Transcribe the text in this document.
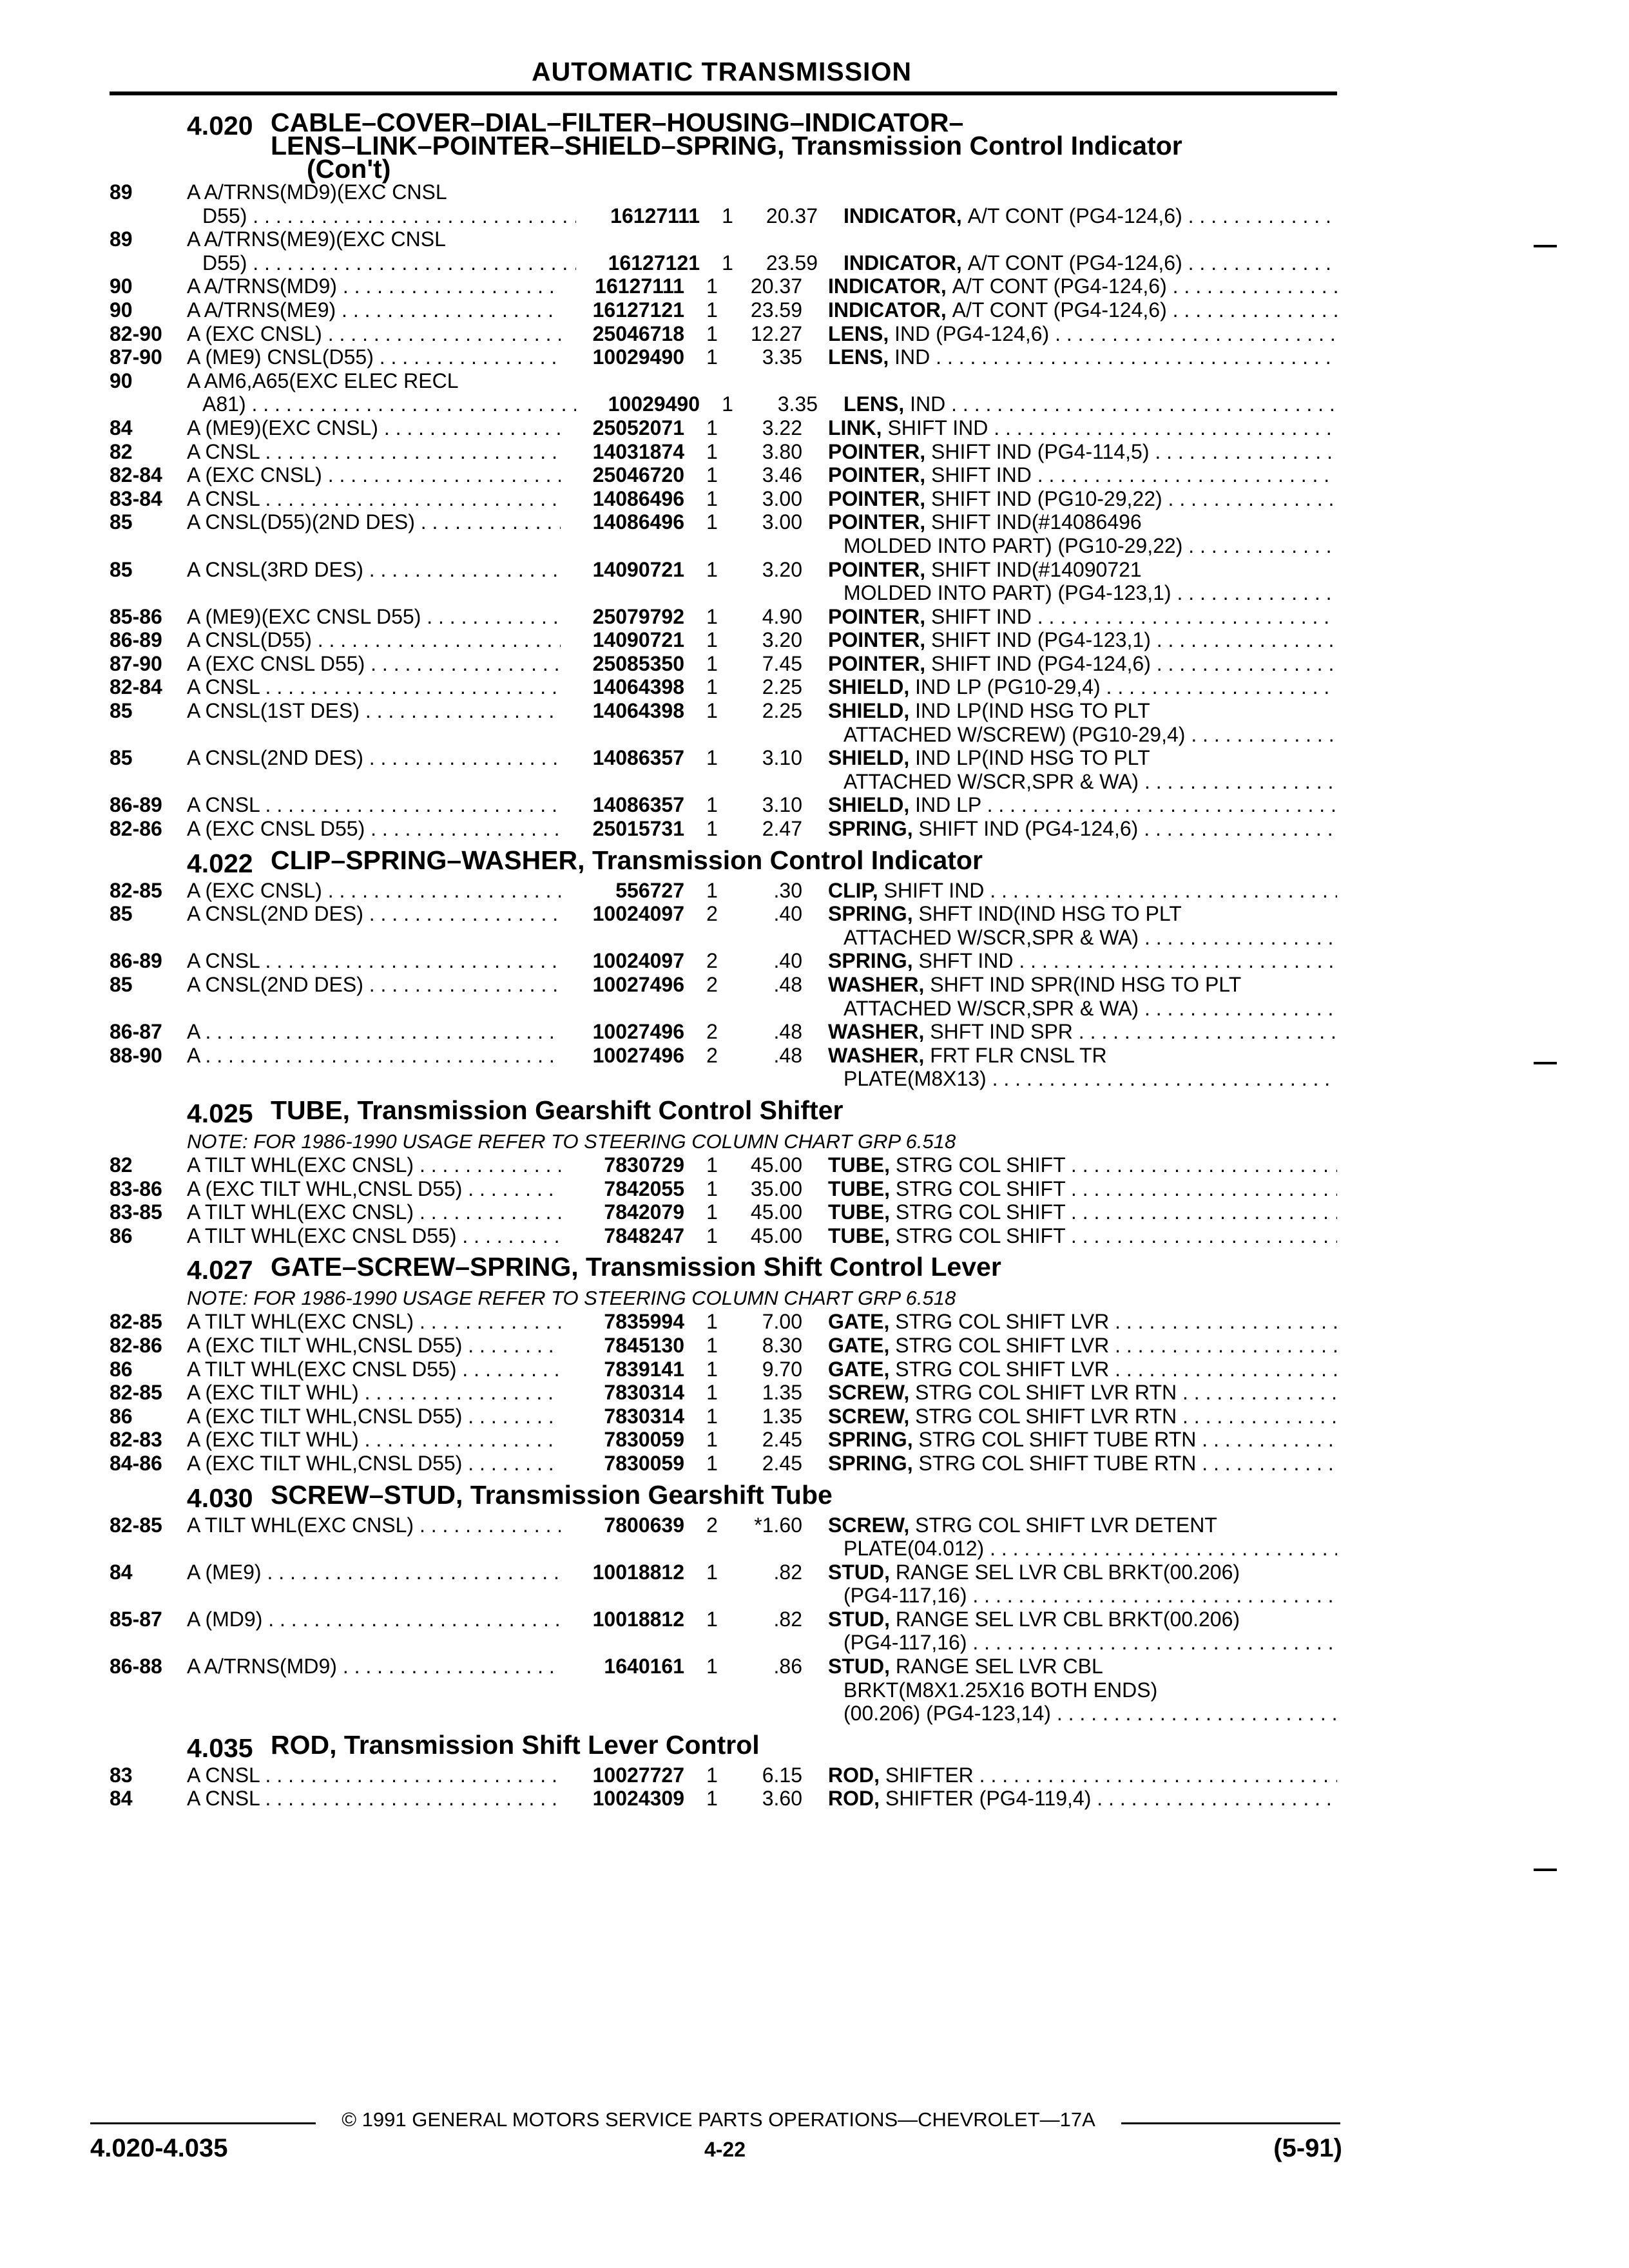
AUTOMATIC TRANSMISSION
4.020 CABLE–COVER–DIAL–FILTER–HOUSING–INDICATOR–
LENS–LINK–POINTER–SHIELD–SPRING, Transmission Control Indicator
(Con't)
89	A A/TRNS(MD9)(EXC CNSL
D55) . . .	16127111	1	20.37	INDICATOR, A/T CONT (PG4-124,6) . . .
89	A A/TRNS(ME9)(EXC CNSL
D55) . . .	16127121	1	23.59	INDICATOR, A/T CONT (PG4-124,6) . . .
90	A A/TRNS(MD9) . . .	16127111	1	20.37	INDICATOR, A/T CONT (PG4-124,6) . . .
90	A A/TRNS(ME9) . . .	16127121	1	23.59	INDICATOR, A/T CONT (PG4-124,6) . . .
82-90	A (EXC CNSL) . . .	25046718	1	12.27	LENS, IND (PG4-124,6) . . .
87-90	A (ME9) CNSL(D55) . . .	10029490	1	3.35	LENS, IND . . .
90	A AM6,A65(EXC ELEC RECL
A81) . . .	10029490	1	3.35	LENS, IND . . .
84	A (ME9)(EXC CNSL) . . .	25052071	1	3.22	LINK, SHIFT IND . . .
82	A CNSL . . .	14031874	1	3.80	POINTER, SHIFT IND (PG4-114,5) . . .
82-84	A (EXC CNSL) . . .	25046720	1	3.46	POINTER, SHIFT IND . . .
83-84	A CNSL . . .	14086496	1	3.00	POINTER, SHIFT IND (PG10-29,22) . . .
85	A CNSL(D55)(2ND DES) . . .	14086496	1	3.00	POINTER, SHIFT IND(#14086496
MOLDED INTO PART) (PG10-29,22) . . .
85	A CNSL(3RD DES) . . .	14090721	1	3.20	POINTER, SHIFT IND(#14090721
MOLDED INTO PART) (PG4-123,1) . . .
85-86	A (ME9)(EXC CNSL D55) . . .	25079792	1	4.90	POINTER, SHIFT IND . . .
86-89	A CNSL(D55) . . .	14090721	1	3.20	POINTER, SHIFT IND (PG4-123,1) . . .
87-90	A (EXC CNSL D55) . . .	25085350	1	7.45	POINTER, SHIFT IND (PG4-124,6) . . .
82-84	A CNSL . . .	14064398	1	2.25	SHIELD, IND LP (PG10-29,4) . . .
85	A CNSL(1ST DES) . . .	14064398	1	2.25	SHIELD, IND LP(IND HSG TO PLT
ATTACHED W/SCREW) (PG10-29,4) . . .
85	A CNSL(2ND DES) . . .	14086357	1	3.10	SHIELD, IND LP(IND HSG TO PLT
ATTACHED W/SCR,SPR & WA) . . .
86-89	A CNSL . . .	14086357	1	3.10	SHIELD, IND LP . . .
82-86	A (EXC CNSL D55) . . .	25015731	1	2.47	SPRING, SHIFT IND (PG4-124,6) . . .
4.022 CLIP–SPRING–WASHER, Transmission Control Indicator
82-85	A (EXC CNSL) . . .	556727	1	.30	CLIP, SHIFT IND . . .
85	A CNSL(2ND DES) . . .	10024097	2	.40	SPRING, SHFT IND(IND HSG TO PLT
ATTACHED W/SCR,SPR & WA) . . .
86-89	A CNSL . . .	10024097	2	.40	SPRING, SHFT IND . . .
85	A CNSL(2ND DES) . . .	10027496	2	.48	WASHER, SHFT IND SPR(IND HSG TO PLT
ATTACHED W/SCR,SPR & WA) . . .
86-87	A . . .	10027496	2	.48	WASHER, SHFT IND SPR . . .
88-90	A . . .	10027496	2	.48	WASHER, FRT FLR CNSL TR
PLATE(M8X13) . . .
4.025 TUBE, Transmission Gearshift Control Shifter
NOTE: FOR 1986-1990 USAGE REFER TO STEERING COLUMN CHART GRP 6.518
82	A TILT WHL(EXC CNSL) . . .	7830729	1	45.00	TUBE, STRG COL SHIFT . . .
83-86	A (EXC TILT WHL,CNSL D55) . . .	7842055	1	35.00	TUBE, STRG COL SHIFT . . .
83-85	A TILT WHL(EXC CNSL) . . .	7842079	1	45.00	TUBE, STRG COL SHIFT . . .
86	A TILT WHL(EXC CNSL D55) . . .	7848247	1	45.00	TUBE, STRG COL SHIFT . . .
4.027 GATE–SCREW–SPRING, Transmission Shift Control Lever
NOTE: FOR 1986-1990 USAGE REFER TO STEERING COLUMN CHART GRP 6.518
82-85	A TILT WHL(EXC CNSL) . . .	7835994	1	7.00	GATE, STRG COL SHIFT LVR . . .
82-86	A (EXC TILT WHL,CNSL D55) . . .	7845130	1	8.30	GATE, STRG COL SHIFT LVR . . .
86	A TILT WHL(EXC CNSL D55) . . .	7839141	1	9.70	GATE, STRG COL SHIFT LVR . . .
82-85	A (EXC TILT WHL) . . .	7830314	1	1.35	SCREW, STRG COL SHIFT LVR RTN . . .
86	A (EXC TILT WHL,CNSL D55) . . .	7830314	1	1.35	SCREW, STRG COL SHIFT LVR RTN . . .
82-83	A (EXC TILT WHL) . . .	7830059	1	2.45	SPRING, STRG COL SHIFT TUBE RTN . . .
84-86	A (EXC TILT WHL,CNSL D55) . . .	7830059	1	2.45	SPRING, STRG COL SHIFT TUBE RTN . . .
4.030 SCREW–STUD, Transmission Gearshift Tube
82-85	A TILT WHL(EXC CNSL) . . .	7800639	2	*1.60	SCREW, STRG COL SHIFT LVR DETENT
PLATE(04.012) . . .
84	A (ME9) . . .	10018812	1	.82	STUD, RANGE SEL LVR CBL BRKT(00.206)
(PG4-117,16) . . .
85-87	A (MD9) . . .	10018812	1	.82	STUD, RANGE SEL LVR CBL BRKT(00.206)
(PG4-117,16) . . .
86-88	A A/TRNS(MD9) . . .	1640161	1	.86	STUD, RANGE SEL LVR CBL
BRKT(M8X1.25X16 BOTH ENDS)
(00.206) (PG4-123,14) . . .
4.035 ROD, Transmission Shift Lever Control
83	A CNSL . . .	10027727	1	6.15	ROD, SHIFTER . . .
84	A CNSL . . .	10024309	1	3.60	ROD, SHIFTER (PG4-119,4) . . .
© 1991 GENERAL MOTORS SERVICE PARTS OPERATIONS—CHEVROLET—17A
4.020-4.035	4-22	(5-91)
